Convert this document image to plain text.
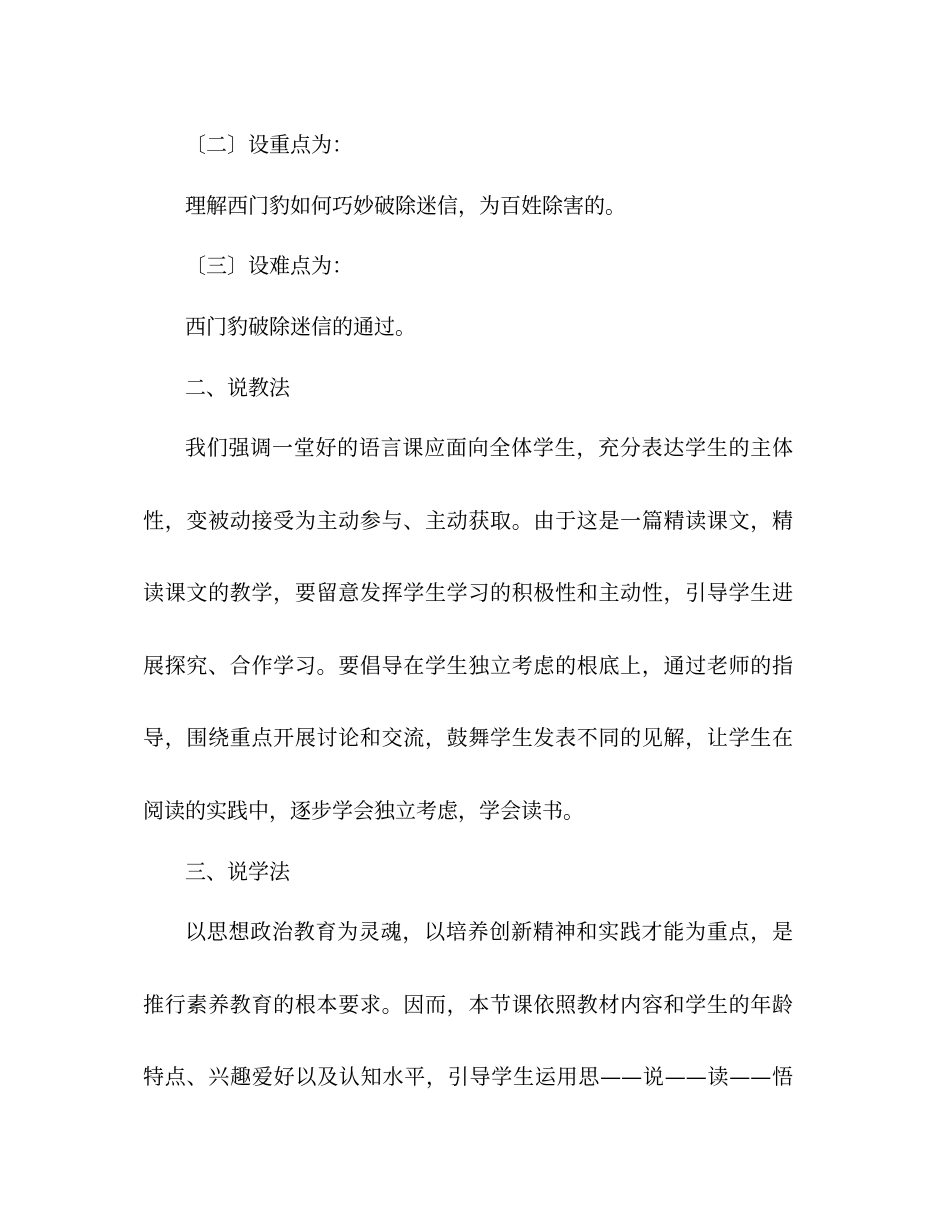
〔二〕设重点为：
理解西门豹如何巧妙破除迷信，为百姓除害的。
〔三〕设难点为：
西门豹破除迷信的通过。
二、说教法
我们强调一堂好的语言课应面向全体学生，充分表达学生的主体
性，变被动接受为主动参与、主动获取。由于这是一篇精读课文，精
读课文的教学，要留意发挥学生学习的积极性和主动性，引导学生进
展探究、合作学习。要倡导在学生独立考虑的根底上，通过老师的指
导，围绕重点开展讨论和交流，鼓舞学生发表不同的见解，让学生在
阅读的实践中，逐步学会独立考虑，学会读书。
三、说学法
以思想政治教育为灵魂，以培养创新精神和实践才能为重点，是
推行素养教育的根本要求。因而，本节课依照教材内容和学生的年龄
特点、兴趣爱好以及认知水平，引导学生运用思——说——读——悟
